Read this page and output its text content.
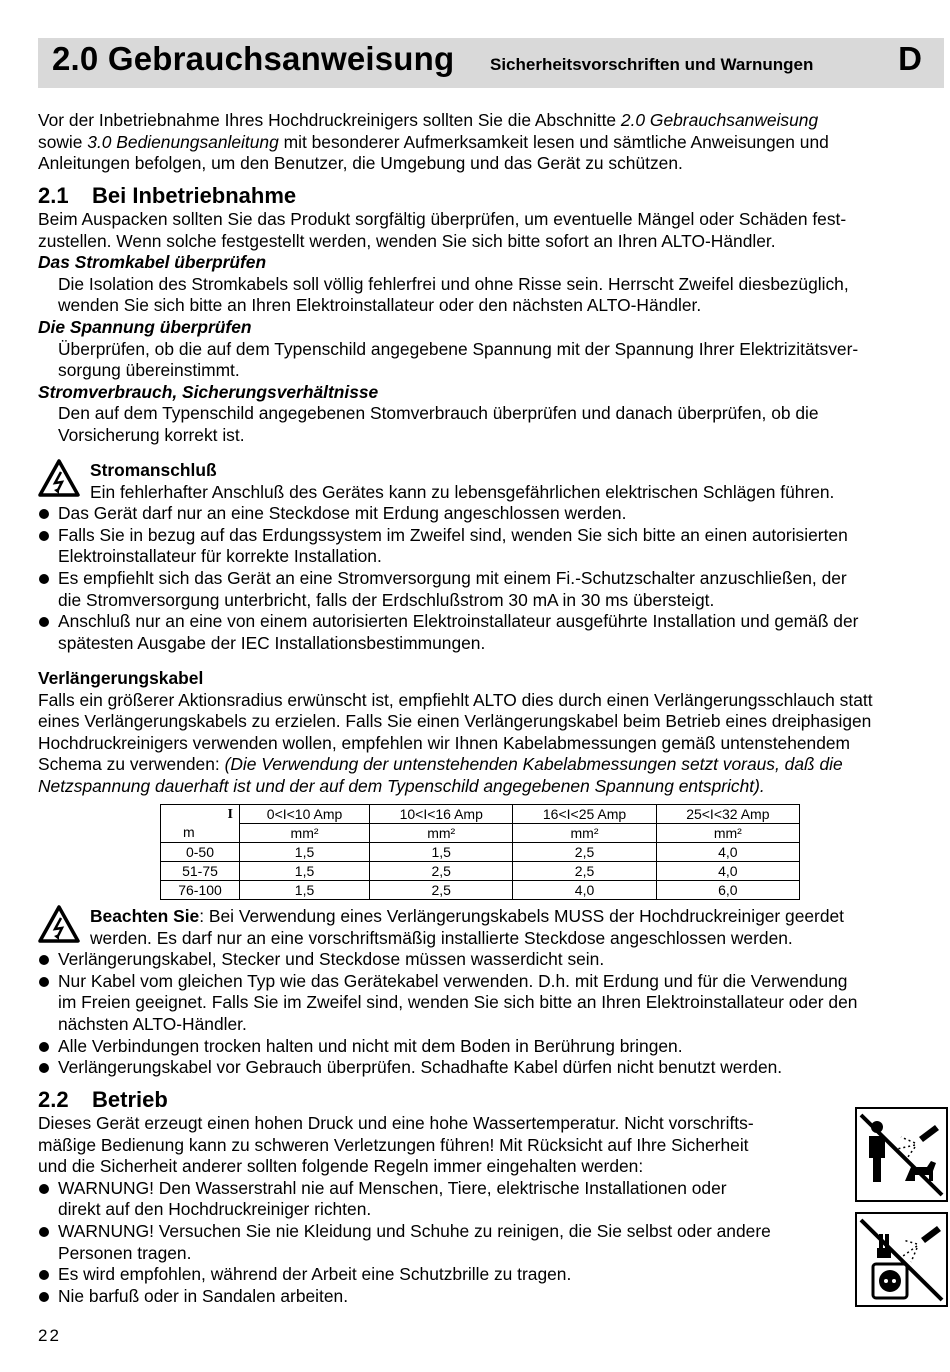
2.0 Gebrauchsanweisung Sicherheitsvorschriften und Warnungen	D
Vor der Inbetriebnahme Ihres Hochdruckreinigers sollten Sie die Abschnitte 2.0 Gebrauchsanweisung
sowie 3.0 Bedienungsanleitung mit besonderer Aufmerksamkeit lesen und sämtliche Anweisungen und
Anleitungen befolgen, um den Benutzer, die Umgebung und das Gerät zu schützen.
2.1 Bei Inbetriebnahme
Beim Auspacken sollten Sie das Produkt sorgfältig überprüfen, um eventuelle Mängel oder Schäden fest-
zustellen. Wenn solche festgestellt werden, wenden Sie sich bitte sofort an Ihren ALTO-Händler.
Das Stromkabel überprüfen
Die Isolation des Stromkabels soll völlig fehlerfrei und ohne Risse sein. Herrscht Zweifel diesbezüglich,
wenden Sie sich bitte an Ihren Elektroinstallateur oder den nächsten ALTO-Händler.
Die Spannung überprüfen
Überprüfen, ob die auf dem Typenschild angegebene Spannung mit der Spannung Ihrer Elektrizitätsver-
sorgung übereinstimmt.
Stromverbrauch, Sicherungsverhältnisse
Den auf dem Typenschild angegebenen Stomverbrauch überprüfen und danach überprüfen, ob die
Vorsicherung korrekt ist.
Stromanschluß
Ein fehlerhafter Anschluß des Gerätes kann zu lebensgefährlichen elektrischen Schlägen führen.
Das Gerät darf nur an eine Steckdose mit Erdung angeschlossen werden.
Falls Sie in bezug auf das Erdungssystem im Zweifel sind, wenden Sie sich bitte an einen autorisierten
Elektroinstallateur für korrekte Installation.
Es empfiehlt sich das Gerät an eine Stromversorgung mit einem Fi.-Schutzschalter anzuschließen, der
die Stromversorgung unterbricht, falls der Erdschlußstrom 30 mA in 30 ms übersteigt.
Anschluß nur an eine von einem autorisierten Elektroinstallateur ausgeführte Installation und gemäß der
spätesten Ausgabe der IEC Installationsbestimmungen.
Verlängerungskabel
Falls ein größerer Aktionsradius erwünscht ist, empfiehlt ALTO dies durch einen Verlängerungsschlauch statt
eines Verlängerungskabels zu erzielen. Falls Sie einen Verlängerungskabel beim Betrieb eines dreiphasigen
Hochdruckreinigers verwenden wollen, empfehlen wir Ihnen Kabelabmessungen gemäß untenstehendem
Schema zu verwenden: (Die Verwendung der untenstehenden Kabelabmessungen setzt voraus, daß die
Netzspannung dauerhaft ist und der auf dem Typenschild angegebenen Spannung entspricht).
I	0<I<10 Amp	10<I<16 Amp	16<I<25 Amp	25<I<32 Amp
m	mm²	mm²	mm²	mm²
0-50	1,5	1,5	2,5	4,0
51-75	1,5	2,5	2,5	4,0
76-100	1,5	2,5	4,0	6,0
Beachten Sie: Bei Verwendung eines Verlängerungskabels MUSS der Hochdruckreiniger geerdet
werden. Es darf nur an eine vorschriftsmäßig installierte Steckdose angeschlossen werden.
Verlängerungskabel, Stecker und Steckdose müssen wasserdicht sein.
Nur Kabel vom gleichen Typ wie das Gerätekabel verwenden. D.h. mit Erdung und für die Verwendung
im Freien geeignet. Falls Sie im Zweifel sind, wenden Sie sich bitte an Ihren Elektroinstallateur oder den
nächsten ALTO-Händler.
Alle Verbindungen trocken halten und nicht mit dem Boden in Berührung bringen.
Verlängerungskabel vor Gebrauch überprüfen. Schadhafte Kabel dürfen nicht benutzt werden.
2.2 Betrieb
Dieses Gerät erzeugt einen hohen Druck und eine hohe Wassertemperatur. Nicht vorschrifts-
mäßige Bedienung kann zu schweren Verletzungen führen! Mit Rücksicht auf Ihre Sicherheit
und die Sicherheit anderer sollten folgende Regeln immer eingehalten werden:
WARNUNG! Den Wasserstrahl nie auf Menschen, Tiere, elektrische Installationen oder
direkt auf den Hochdruckreiniger richten.
WARNUNG! Versuchen Sie nie Kleidung und Schuhe zu reinigen, die Sie selbst oder andere
Personen tragen.
Es wird empfohlen, während der Arbeit eine Schutzbrille zu tragen.
Nie barfuß oder in Sandalen arbeiten.
22
